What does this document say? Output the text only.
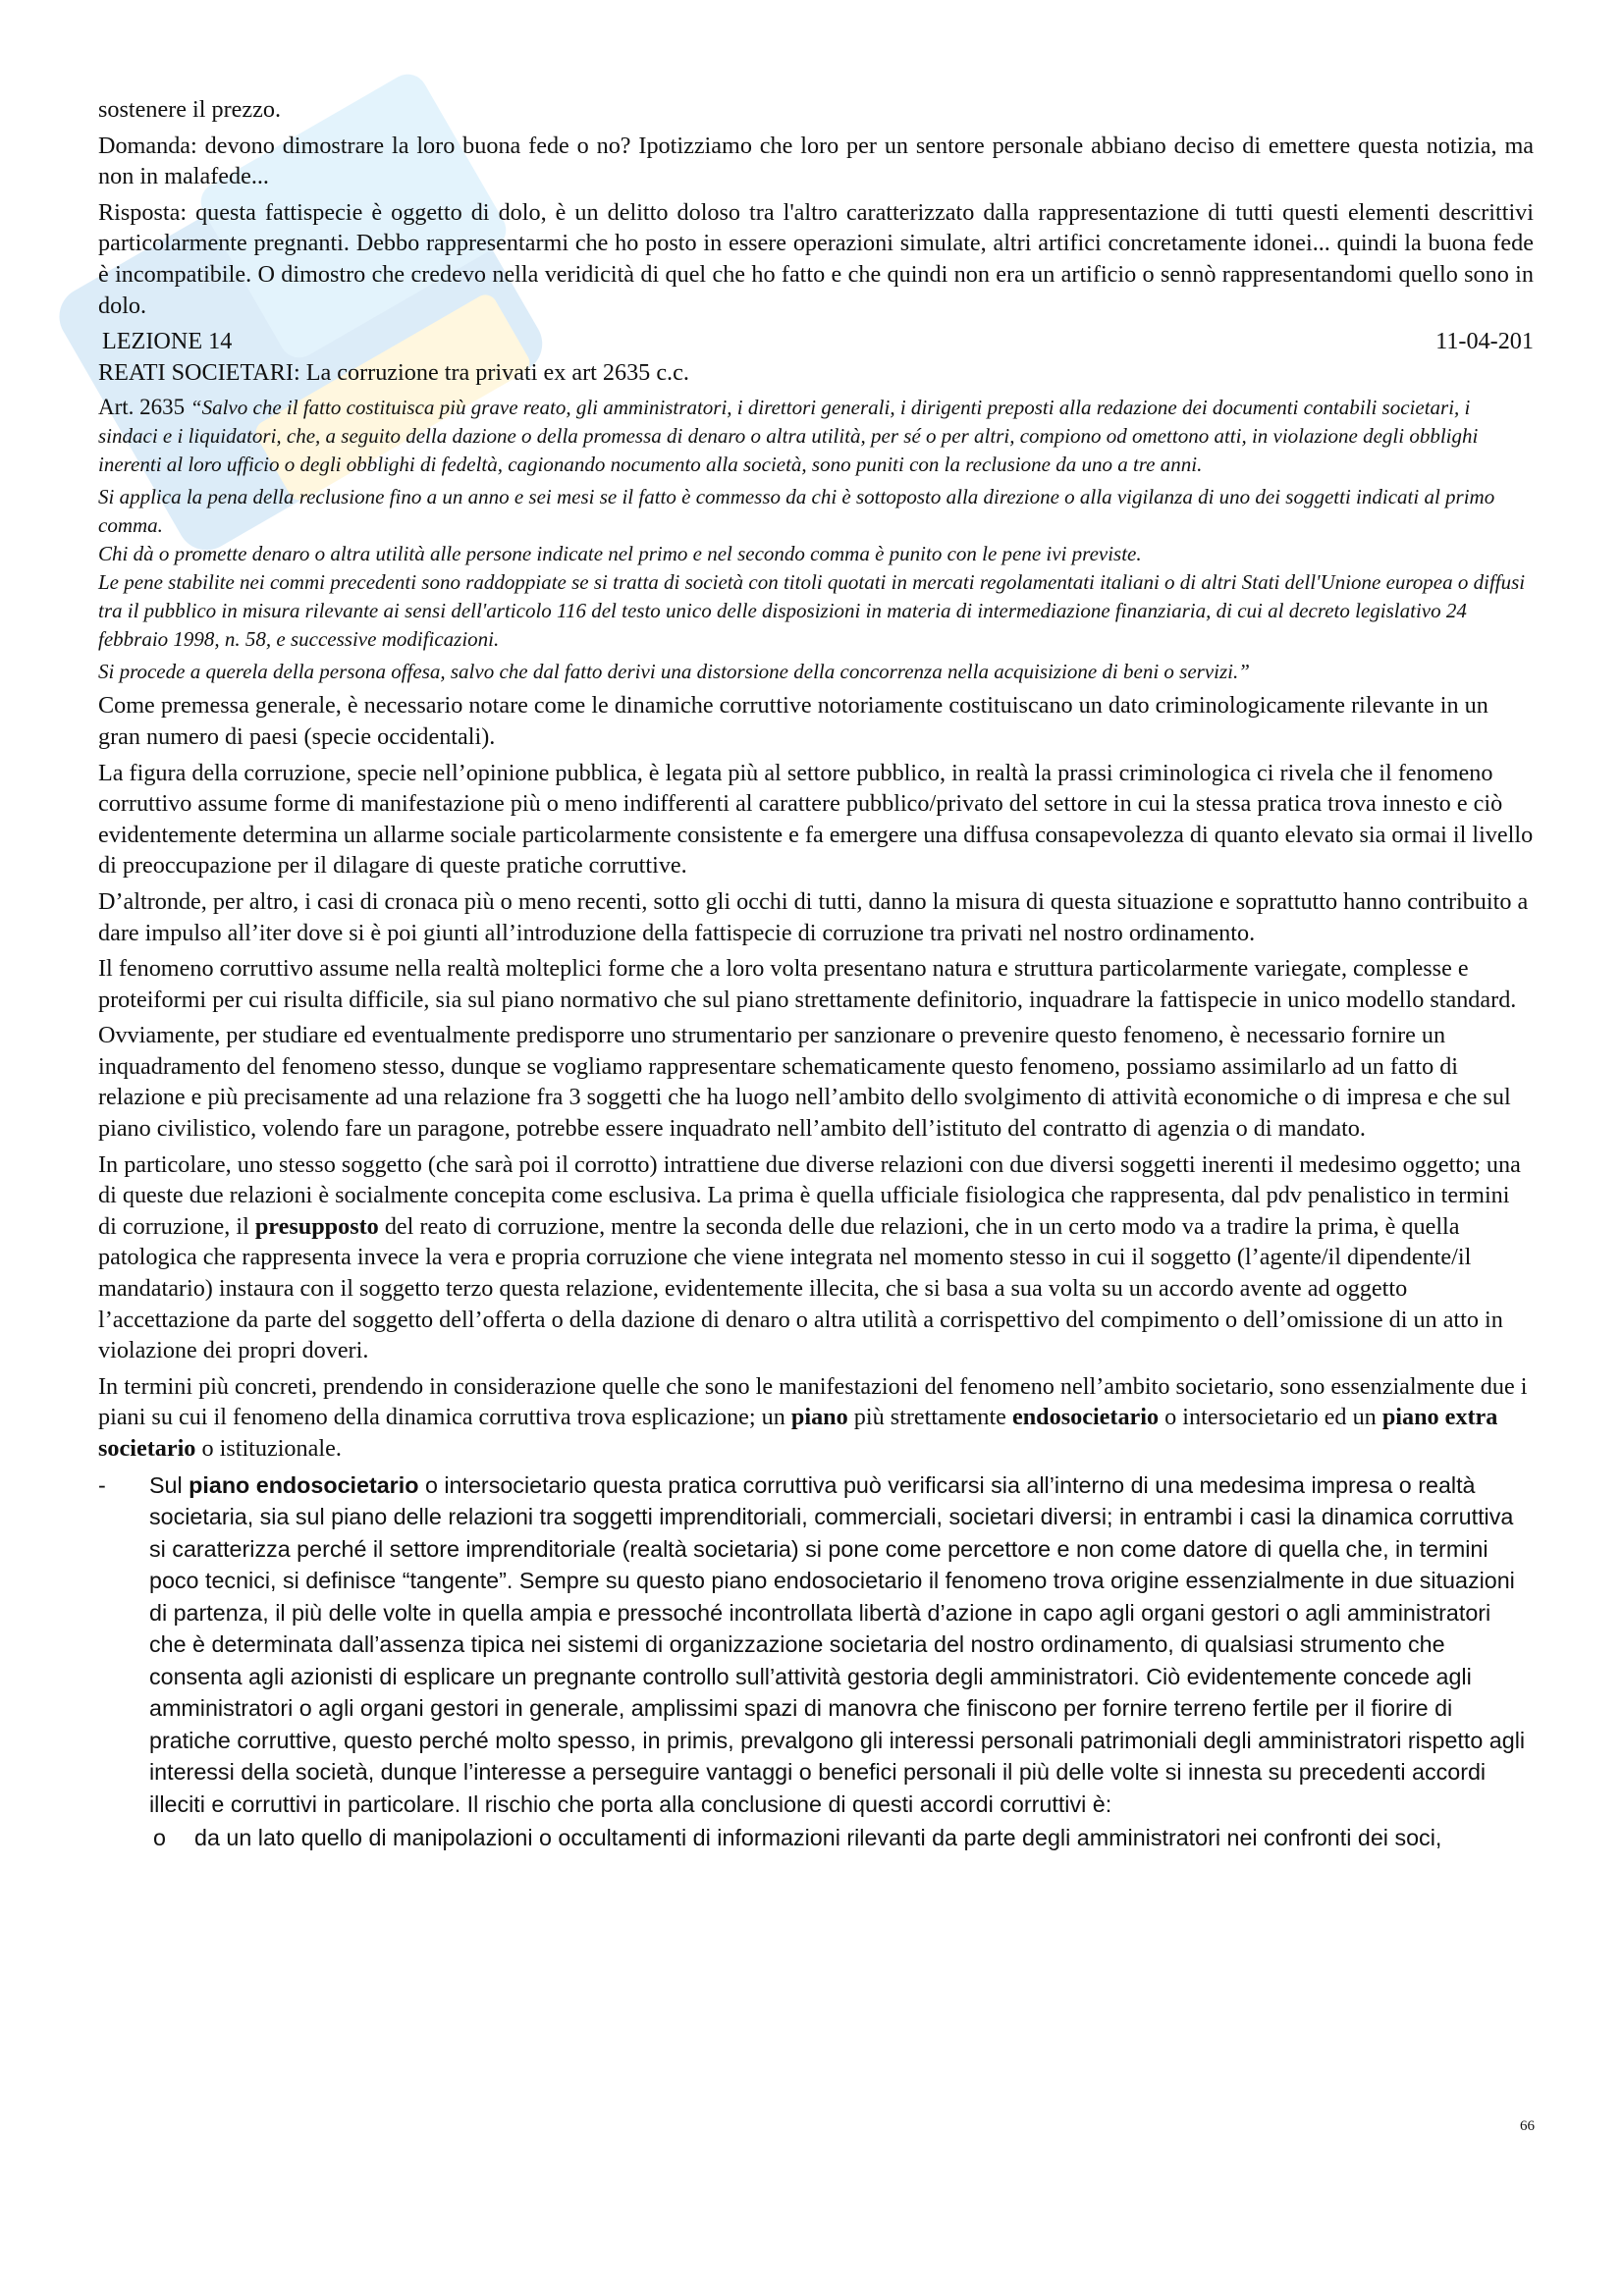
sostenere il prezzo.

Domanda: devono dimostrare la loro buona fede o no? Ipotizziamo che loro per un sentore personale abbiano deciso di emettere questa notizia, ma non in malafede...

Risposta: questa fattispecie è oggetto di dolo, è un delitto doloso tra l'altro caratterizzato dalla rappresentazione di tutti questi elementi descrittivi particolarmente pregnanti. Debbo rappresentarmi che ho posto in essere operazioni simulate, altri artifici concretamente idonei... quindi la buona fede è incompatibile. O dimostro che credevo nella veridicità di quel che ho fatto e che quindi non era un artificio o sennò rappresentandomi quello sono in dolo.

LEZIONE 14	11-04-201

REATI SOCIETARI: La corruzione tra privati ex art 2635 c.c.

Art. 2635 “Salvo che il fatto costituisca più grave reato, gli amministratori, i direttori generali, i dirigenti preposti alla redazione dei documenti contabili societari, i sindaci e i liquidatori, che, a seguito della dazione o della promessa di denaro o altra utilità, per sé o per altri, compiono od omettono atti, in violazione degli obblighi inerenti al loro ufficio o degli obblighi di fedeltà, cagionando nocumento alla società, sono puniti con la reclusione da uno a tre anni.

Si applica la pena della reclusione fino a un anno e sei mesi se il fatto è commesso da chi è sottoposto alla direzione o alla vigilanza di uno dei soggetti indicati al primo comma.

Chi dà o promette denaro o altra utilità alle persone indicate nel primo e nel secondo comma è punito con le pene ivi previste.

Le pene stabilite nei commi precedenti sono raddoppiate se si tratta di società con titoli quotati in mercati regolamentati italiani o di altri Stati dell'Unione europea o diffusi tra il pubblico in misura rilevante ai sensi dell'articolo 116 del testo unico delle disposizioni in materia di intermediazione finanziaria, di cui al decreto legislativo 24 febbraio 1998, n. 58, e successive modificazioni.

Si procede a querela della persona offesa, salvo che dal fatto derivi una distorsione della concorrenza nella acquisizione di beni o servizi.”

Come premessa generale, è necessario notare come le dinamiche corruttive notoriamente costituiscano un dato criminologicamente rilevante in un gran numero di paesi (specie occidentali).

La figura della corruzione, specie nell’opinione pubblica, è legata più al settore pubblico, in realtà la prassi criminologica ci rivela che il fenomeno corruttivo assume forme di manifestazione più o meno indifferenti al carattere pubblico/privato del settore in cui la stessa pratica trova innesto e ciò evidentemente determina un allarme sociale particolarmente consistente e fa emergere una diffusa consapevolezza di quanto elevato sia ormai il livello di preoccupazione per il dilagare di queste pratiche corruttive.

D’altronde, per altro, i casi di cronaca più o meno recenti, sotto gli occhi di tutti, danno la misura di questa situazione e soprattutto hanno contribuito a dare impulso all’iter dove si è poi giunti all’introduzione della fattispecie di corruzione tra privati nel nostro ordinamento.

Il fenomeno corruttivo assume nella realtà molteplici forme che a loro volta presentano natura e struttura particolarmente variegate, complesse e proteiformi per cui risulta difficile, sia sul piano normativo che sul piano strettamente definitorio, inquadrare la fattispecie in unico modello standard.

Ovviamente, per studiare ed eventualmente predisporre uno strumentario per sanzionare o prevenire questo fenomeno, è necessario fornire un inquadramento del fenomeno stesso, dunque se vogliamo rappresentare schematicamente questo fenomeno, possiamo assimilarlo ad un fatto di relazione e più precisamente ad una relazione fra 3 soggetti che ha luogo nell’ambito dello svolgimento di attività economiche o di impresa e che sul piano civilistico, volendo fare un paragone, potrebbe essere inquadrato nell’ambito dell’istituto del contratto di agenzia o di mandato.

In particolare, uno stesso soggetto (che sarà poi il corrotto) intrattiene due diverse relazioni con due diversi soggetti inerenti il medesimo oggetto; una di queste due relazioni è socialmente concepita come esclusiva. La prima è quella ufficiale fisiologica che rappresenta, dal pdv penalistico in termini di corruzione, il presupposto del reato di corruzione, mentre la seconda delle due relazioni, che in un certo modo va a tradire la prima, è quella patologica che rappresenta invece la vera e propria corruzione che viene integrata nel momento stesso in cui il soggetto (l’agente/il dipendente/il mandatario) instaura con il soggetto terzo questa relazione, evidentemente illecita, che si basa a sua volta su un accordo avente ad oggetto l’accettazione da parte del soggetto dell’offerta o della dazione di denaro o altra utilità a corrispettivo del compimento o dell’omissione di un atto in violazione dei propri doveri.

In termini più concreti, prendendo in considerazione quelle che sono le manifestazioni del fenomeno nell’ambito societario, sono essenzialmente due i piani su cui il fenomeno della dinamica corruttiva trova esplicazione; un piano più strettamente endosocietario o intersocietario ed un piano extra societario o istituzionale.

- Sul piano endosocietario o intersocietario questa pratica corruttiva può verificarsi sia all’interno di una medesima impresa o realtà societaria, sia sul piano delle relazioni tra soggetti imprenditoriali, commerciali, societari diversi; in entrambi i casi la dinamica corruttiva si caratterizza perché il settore imprenditoriale (realtà societaria) si pone come percettore e non come datore di quella che, in termini poco tecnici, si definisce “tangente”. Sempre su questo piano endosocietario il fenomeno trova origine essenzialmente in due situazioni di partenza, il più delle volte in quella ampia e pressoché incontrollata libertà d’azione in capo agli organi gestori o agli amministratori che è determinata dall’assenza tipica nei sistemi di organizzazione societaria del nostro ordinamento, di qualsiasi strumento che consenta agli azionisti di esplicare un pregnante controllo sull’attività gestoria degli amministratori. Ciò evidentemente concede agli amministratori o agli organi gestori in generale, amplissimi spazi di manovra che finiscono per fornire terreno fertile per il fiorire di pratiche corruttive, questo perché molto spesso, in primis, prevalgono gli interessi personali patrimoniali degli amministratori rispetto agli interessi della società, dunque l’interesse a perseguire vantaggi o benefici personali il più delle volte si innesta su precedenti accordi illeciti e corruttivi in particolare. Il rischio che porta alla conclusione di questi accordi corruttivi è:
o da un lato quello di manipolazioni o occultamenti di informazioni rilevanti da parte degli amministratori nei confronti dei soci,
66
